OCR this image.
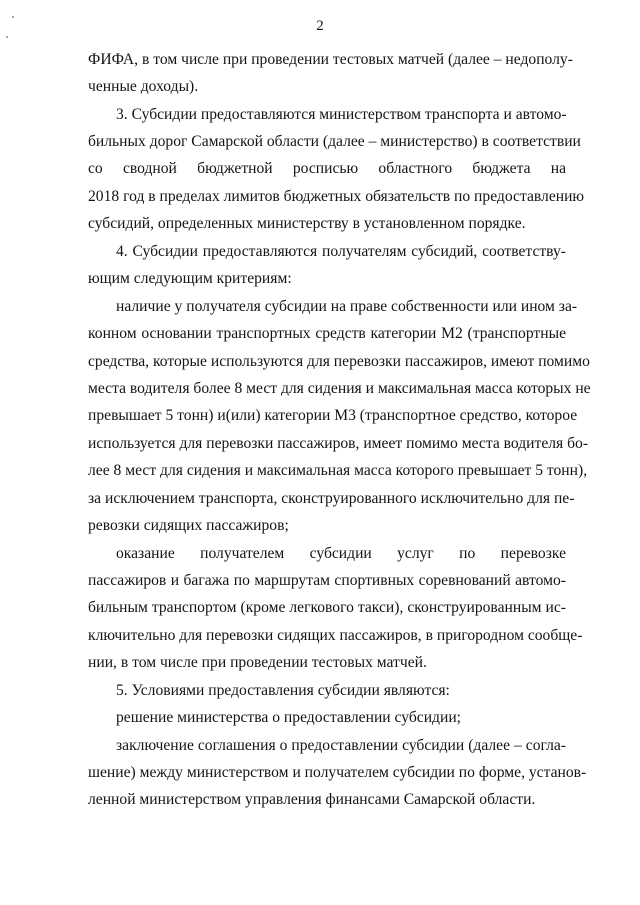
2
ФИФА, в том числе при проведении тестовых матчей (далее – недополу-
ченные доходы).
3. Субсидии предоставляются министерством транспорта и автомо-
бильных дорог Самарской области (далее – министерство) в соответствии
со сводной бюджетной росписью областного бюджета на
2018 год в пределах лимитов бюджетных обязательств по предоставлению
субсидий, определенных министерству в установленном порядке.
4. Субсидии предоставляются получателям субсидий, соответству-
ющим следующим критериям:
наличие у получателя субсидии на праве собственности или ином за-
конном основании транспортных средств категории М2 (транспортные
средства, которые используются для перевозки пассажиров, имеют помимо
места водителя более 8 мест для сидения и максимальная масса которых не
превышает 5 тонн) и(или) категории М3 (транспортное средство, которое
используется для перевозки пассажиров, имеет помимо места водителя бо-
лее 8 мест для сидения и максимальная масса которого превышает 5 тонн),
за исключением транспорта, сконструированного исключительно для пе-
ревозки сидящих пассажиров;
оказание получателем субсидии услуг по перевозке
пассажиров и багажа по маршрутам спортивных соревнований автомо-
бильным транспортом (кроме легкового такси), сконструированным ис-
ключительно для перевозки сидящих пассажиров, в пригородном сообще-
нии, в том числе при проведении тестовых матчей.
5. Условиями предоставления субсидии являются:
решение министерства о предоставлении субсидии;
заключение соглашения о предоставлении субсидии (далее – согла-
шение) между министерством и получателем субсидии по форме, установ-
ленной министерством управления финансами Самарской области.
